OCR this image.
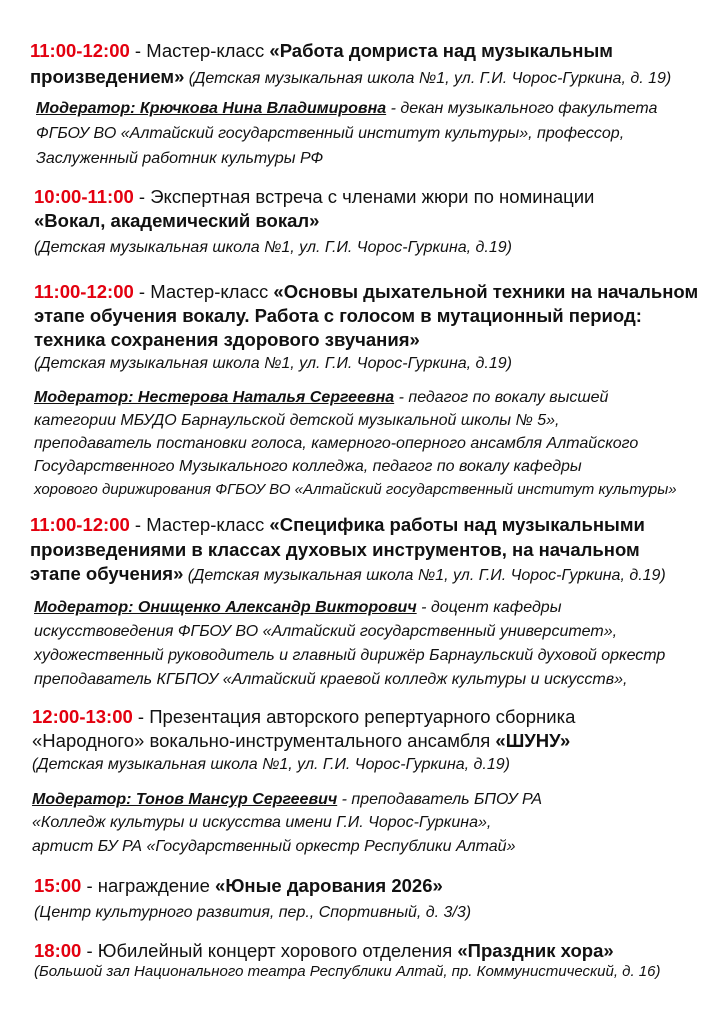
11:00-12:00 - Мастер-класс «Работа домриста над музыкальным
произведением» (Детская музыкальная школа №1, ул. Г.И. Чорос-Гуркина, д. 19)
Модератор: Крючкова Нина Владимировна - декан музыкального факультета
ФГБОУ ВО «Алтайский государственный институт культуры», профессор,
Заслуженный работник культуры РФ
10:00-11:00 - Экспертная встреча с членами жюри по номинации
«Вокал, академический вокал»
(Детская музыкальная школа №1, ул. Г.И. Чорос-Гуркина, д.19)
11:00-12:00 - Мастер-класс «Основы дыхательной техники на начальном
этапе обучения вокалу. Работа с голосом в мутационный период:
техника сохранения здорового звучания»
(Детская музыкальная школа №1, ул. Г.И. Чорос-Гуркина, д.19)
Модератор: Нестерова Наталья Сергеевна - педагог по вокалу высшей
категории МБУДО Барнаульской детской музыкальной школы № 5»,
преподаватель постановки голоса, камерного-оперного ансамбля Алтайского
Государственного Музыкального колледжа, педагог по вокалу кафедры
хорового дирижирования ФГБОУ ВО «Алтайский государственный институт культуры»
11:00-12:00 - Мастер-класс «Специфика работы над музыкальными
произведениями в классах духовых инструментов, на начальном
этапе обучения» (Детская музыкальная школа №1, ул. Г.И. Чорос-Гуркина, д.19)
Модератор: Онищенко Александр Викторович - доцент кафедры
искусствоведения ФГБОУ ВО «Алтайский государственный университет»,
художественный руководитель и главный дирижёр Барнаульский духовой оркестр
преподаватель КГБПОУ «Алтайский краевой колледж культуры и искусств»,
12:00-13:00 - Презентация авторского репертуарного сборника
«Народного» вокально-инструментального ансамбля «ШУНУ»
(Детская музыкальная школа №1, ул. Г.И. Чорос-Гуркина, д.19)
Модератор: Тонов Мансур Сергеевич - преподаватель БПОУ РА
«Колледж культуры и искусства имени Г.И. Чорос-Гуркина»,
артист БУ РА «Государственный оркестр Республики Алтай»
15:00 - награждение «Юные дарования 2026»
(Центр культурного развития, пер., Спортивный, д. 3/3)
18:00 - Юбилейный концерт хорового отделения «Праздник хора»
(Большой зал Национального театра Республики Алтай, пр. Коммунистический, д. 16)
